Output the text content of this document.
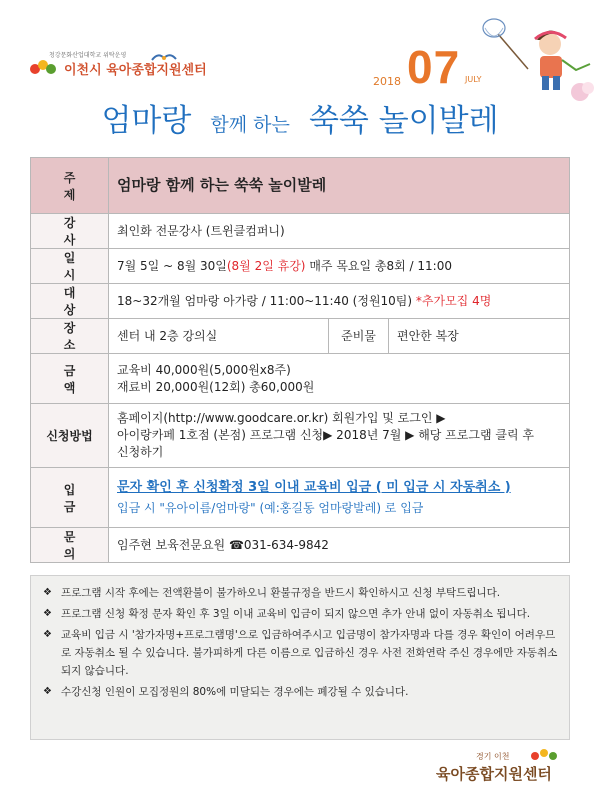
청강문화산업대학교 위탁운영
이천시 육아종합지원센터
2018 07 JULY
엄마랑 함께 하는 쑥쑥 놀이발레
주 제	엄마랑 함께 하는 쑥쑥 놀이발레		
강 사	최인화 전문강사 (트윈클컴퍼니)		
일 시	7월 5일 ~ 8월 30일(8월 2일 휴강) 매주 목요일 총8회 / 11:00		
대 상	18~32개월 엄마랑 아가랑 / 11:00~11:40 (정원10팀) *추가모집 4명		
장 소	센터 내 2층 강의실	준비물	편안한 복장
금 액	교육비 40,000원(5,000원x8주)
재료비 20,000원(12회) 총60,000원		

신청방법	홈페이지(http://www.goodcare.or.kr) 회원가입 및 로그인 ▶
아이랑카페 1호점 (본점) 프로그램 신청▶ 2018년 7월 ▶ 해당 프로그램 클릭 후
신청하기		

입 금	문자 확인 후 신청확정 3일 이내 교육비 입금 ( 미 입금 시 자동취소 )
입금 시 "유아이름/엄마랑" (예:홍길동 엄마랑발레) 로 입금		

문 의	임주현 보육전문요원 ☎031-634-9842		
❖ 프로그램 시작 후에는 전액환불이 불가하오니 환불규정을 반드시 확인하시고 신청 부탁드립니다.
❖ 프로그램 신청 확정 문자 확인 후 3일 이내 교육비 입금이 되지 않으면 추가 안내 없이 자동취소 됩니다.
❖ 교육비 입금 시 '참가자명+프로그램명'으로 입금하여주시고 입금명이 참가자명과 다를 경우 확인이 어려우므로 자동취소 될 수 있습니다. 불가피하게 다른 이름으로 입금하신 경우 사전 전화연락 주신 경우에만 자동취소 되지 않습니다.
❖ 수강신청 인원이 모집정원의 80%에 미달되는 경우에는 폐강될 수 있습니다.
경기 이천
육아종합지원센터
